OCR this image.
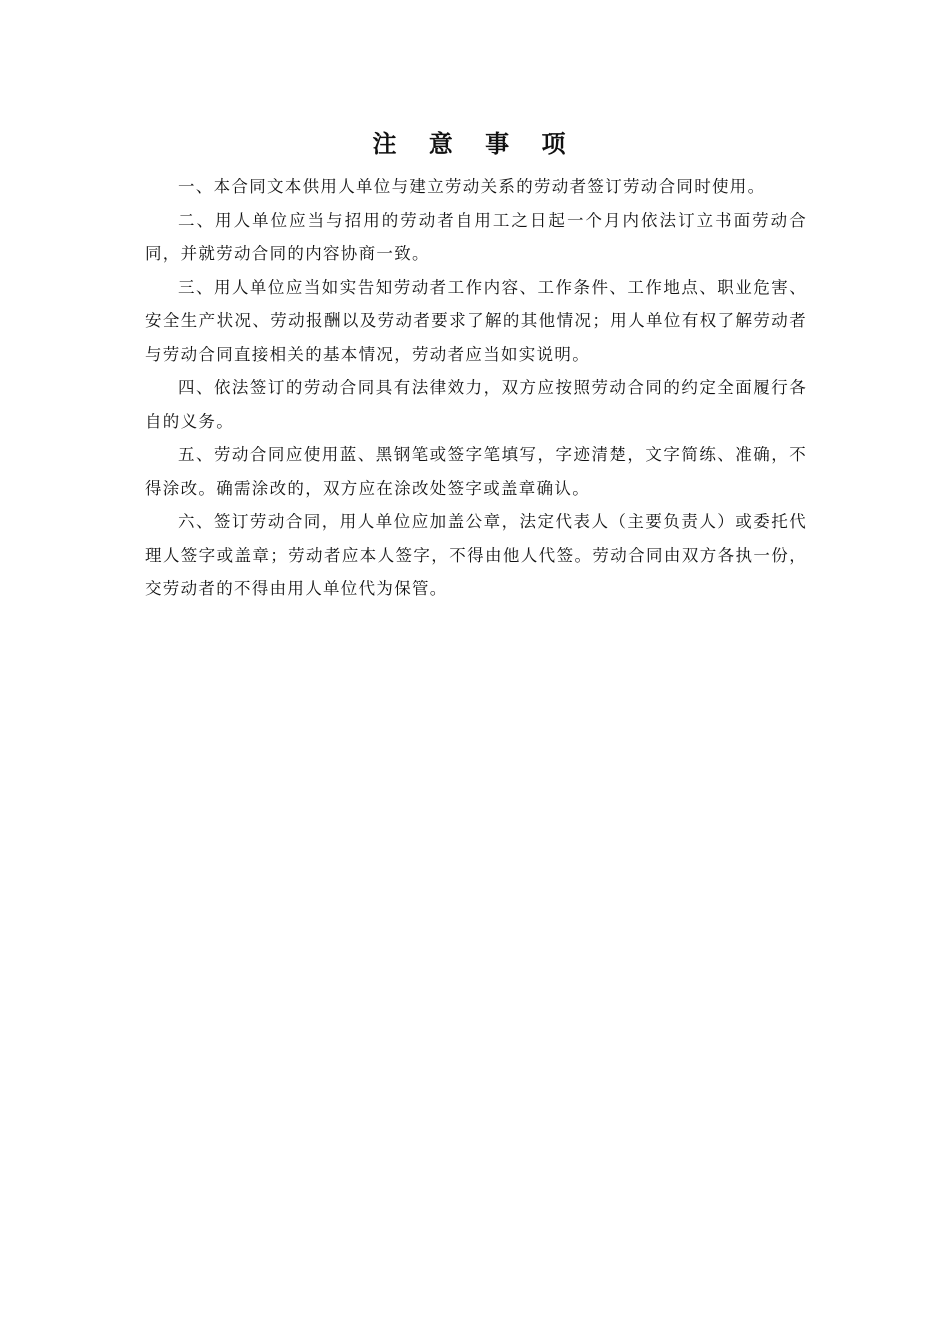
注 意 事 项

一、本合同文本供用人单位与建立劳动关系的劳动者签订劳动合同时使用。

二、用人单位应当与招用的劳动者自用工之日起一个月内依法订立书面劳动合同，并就劳动合同的内容协商一致。

三、用人单位应当如实告知劳动者工作内容、工作条件、工作地点、职业危害、安全生产状况、劳动报酬以及劳动者要求了解的其他情况；用人单位有权了解劳动者与劳动合同直接相关的基本情况，劳动者应当如实说明。

四、依法签订的劳动合同具有法律效力，双方应按照劳动合同的约定全面履行各自的义务。

五、劳动合同应使用蓝、黑钢笔或签字笔填写，字迹清楚，文字简练、准确，不得涂改。确需涂改的，双方应在涂改处签字或盖章确认。

六、签订劳动合同，用人单位应加盖公章，法定代表人（主要负责人）或委托代理人签字或盖章；劳动者应本人签字，不得由他人代签。劳动合同由双方各执一份，交劳动者的不得由用人单位代为保管。
